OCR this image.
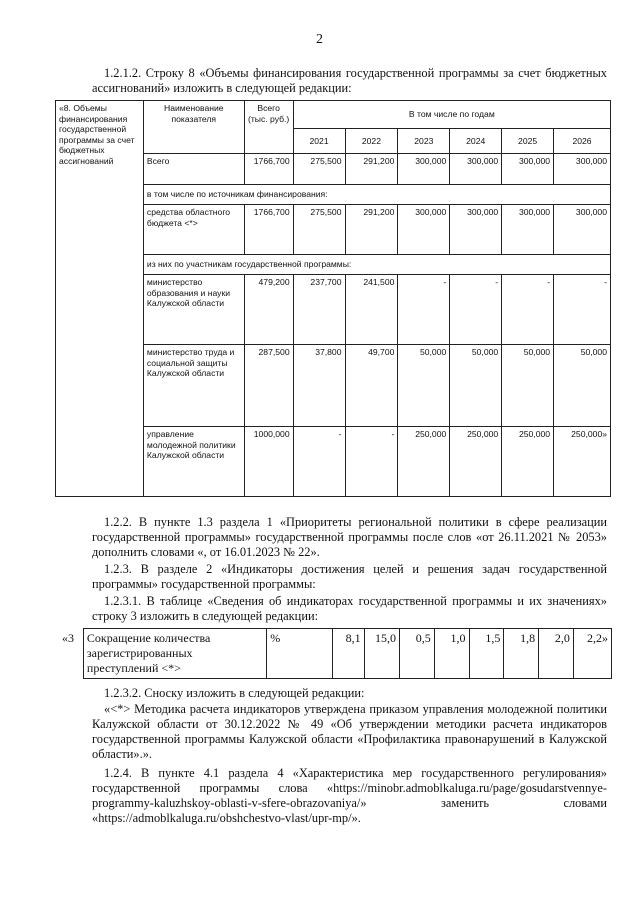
2

1.2.1.2. Строку 8 «Объемы финансирования государственной программы за счет бюджетных ассигнований» изложить в следующей редакции:

«8. Объемы финансирования государственной программы за счет бюджетных ассигнований	Наименование показателя	Всего (тыс. руб.)	В том числе по годам					
			2021	2022	2023	2024	2025	2026
	Всего	1766,700	275,500	291,200	300,000	300,000	300,000	300,000
	в том числе по источникам финансирования:							
	средства областного бюджета <*>	1766,700	275,500	291,200	300,000	300,000	300,000	300,000
	из них по участникам государственной программы:							
	министерство образования и науки Калужской области	479,200	237,700	241,500	-	-	-	-
	министерство труда и социальной защиты Калужской области	287,500	37,800	49,700	50,000	50,000	50,000	50,000
	управление молодежной политики Калужской области	1000,000	-	-	250,000	250,000	250,000	250,000»

1.2.2. В пункте 1.3 раздела 1 «Приоритеты региональной политики в сфере реализации государственной программы» государственной программы после слов «от 26.11.2021 № 2053» дополнить словами «, от 16.01.2023 № 22».

1.2.3. В разделе 2 «Индикаторы достижения целей и решения задач государственной программы» государственной программы:

1.2.3.1. В таблице «Сведения об индикаторах государственной программы и их значениях» строку 3 изложить в следующей редакции:

«3	Сокращение количества зарегистрированных преступлений <*>	%	8,1	15,0	0,5	1,0	1,5	1,8	2,0	2,2»

1.2.3.2. Сноску изложить в следующей редакции:

«<*> Методика расчета индикаторов утверждена приказом управления молодежной политики Калужской области от 30.12.2022 № 49 «Об утверждении методики расчета индикаторов государственной программы Калужской области «Профилактика правонарушений в Калужской области».».

1.2.4. В пункте 4.1 раздела 4 «Характеристика мер государственного регулирования» государственной программы слова «https://minobr.admoblkaluga.ru/page/gosudarstvennye-programmy-kaluzhskoy-oblasti-v-sfere-obrazovaniya/» заменить словами «https://admoblkaluga.ru/obshchestvo-vlast/upr-mp/».
